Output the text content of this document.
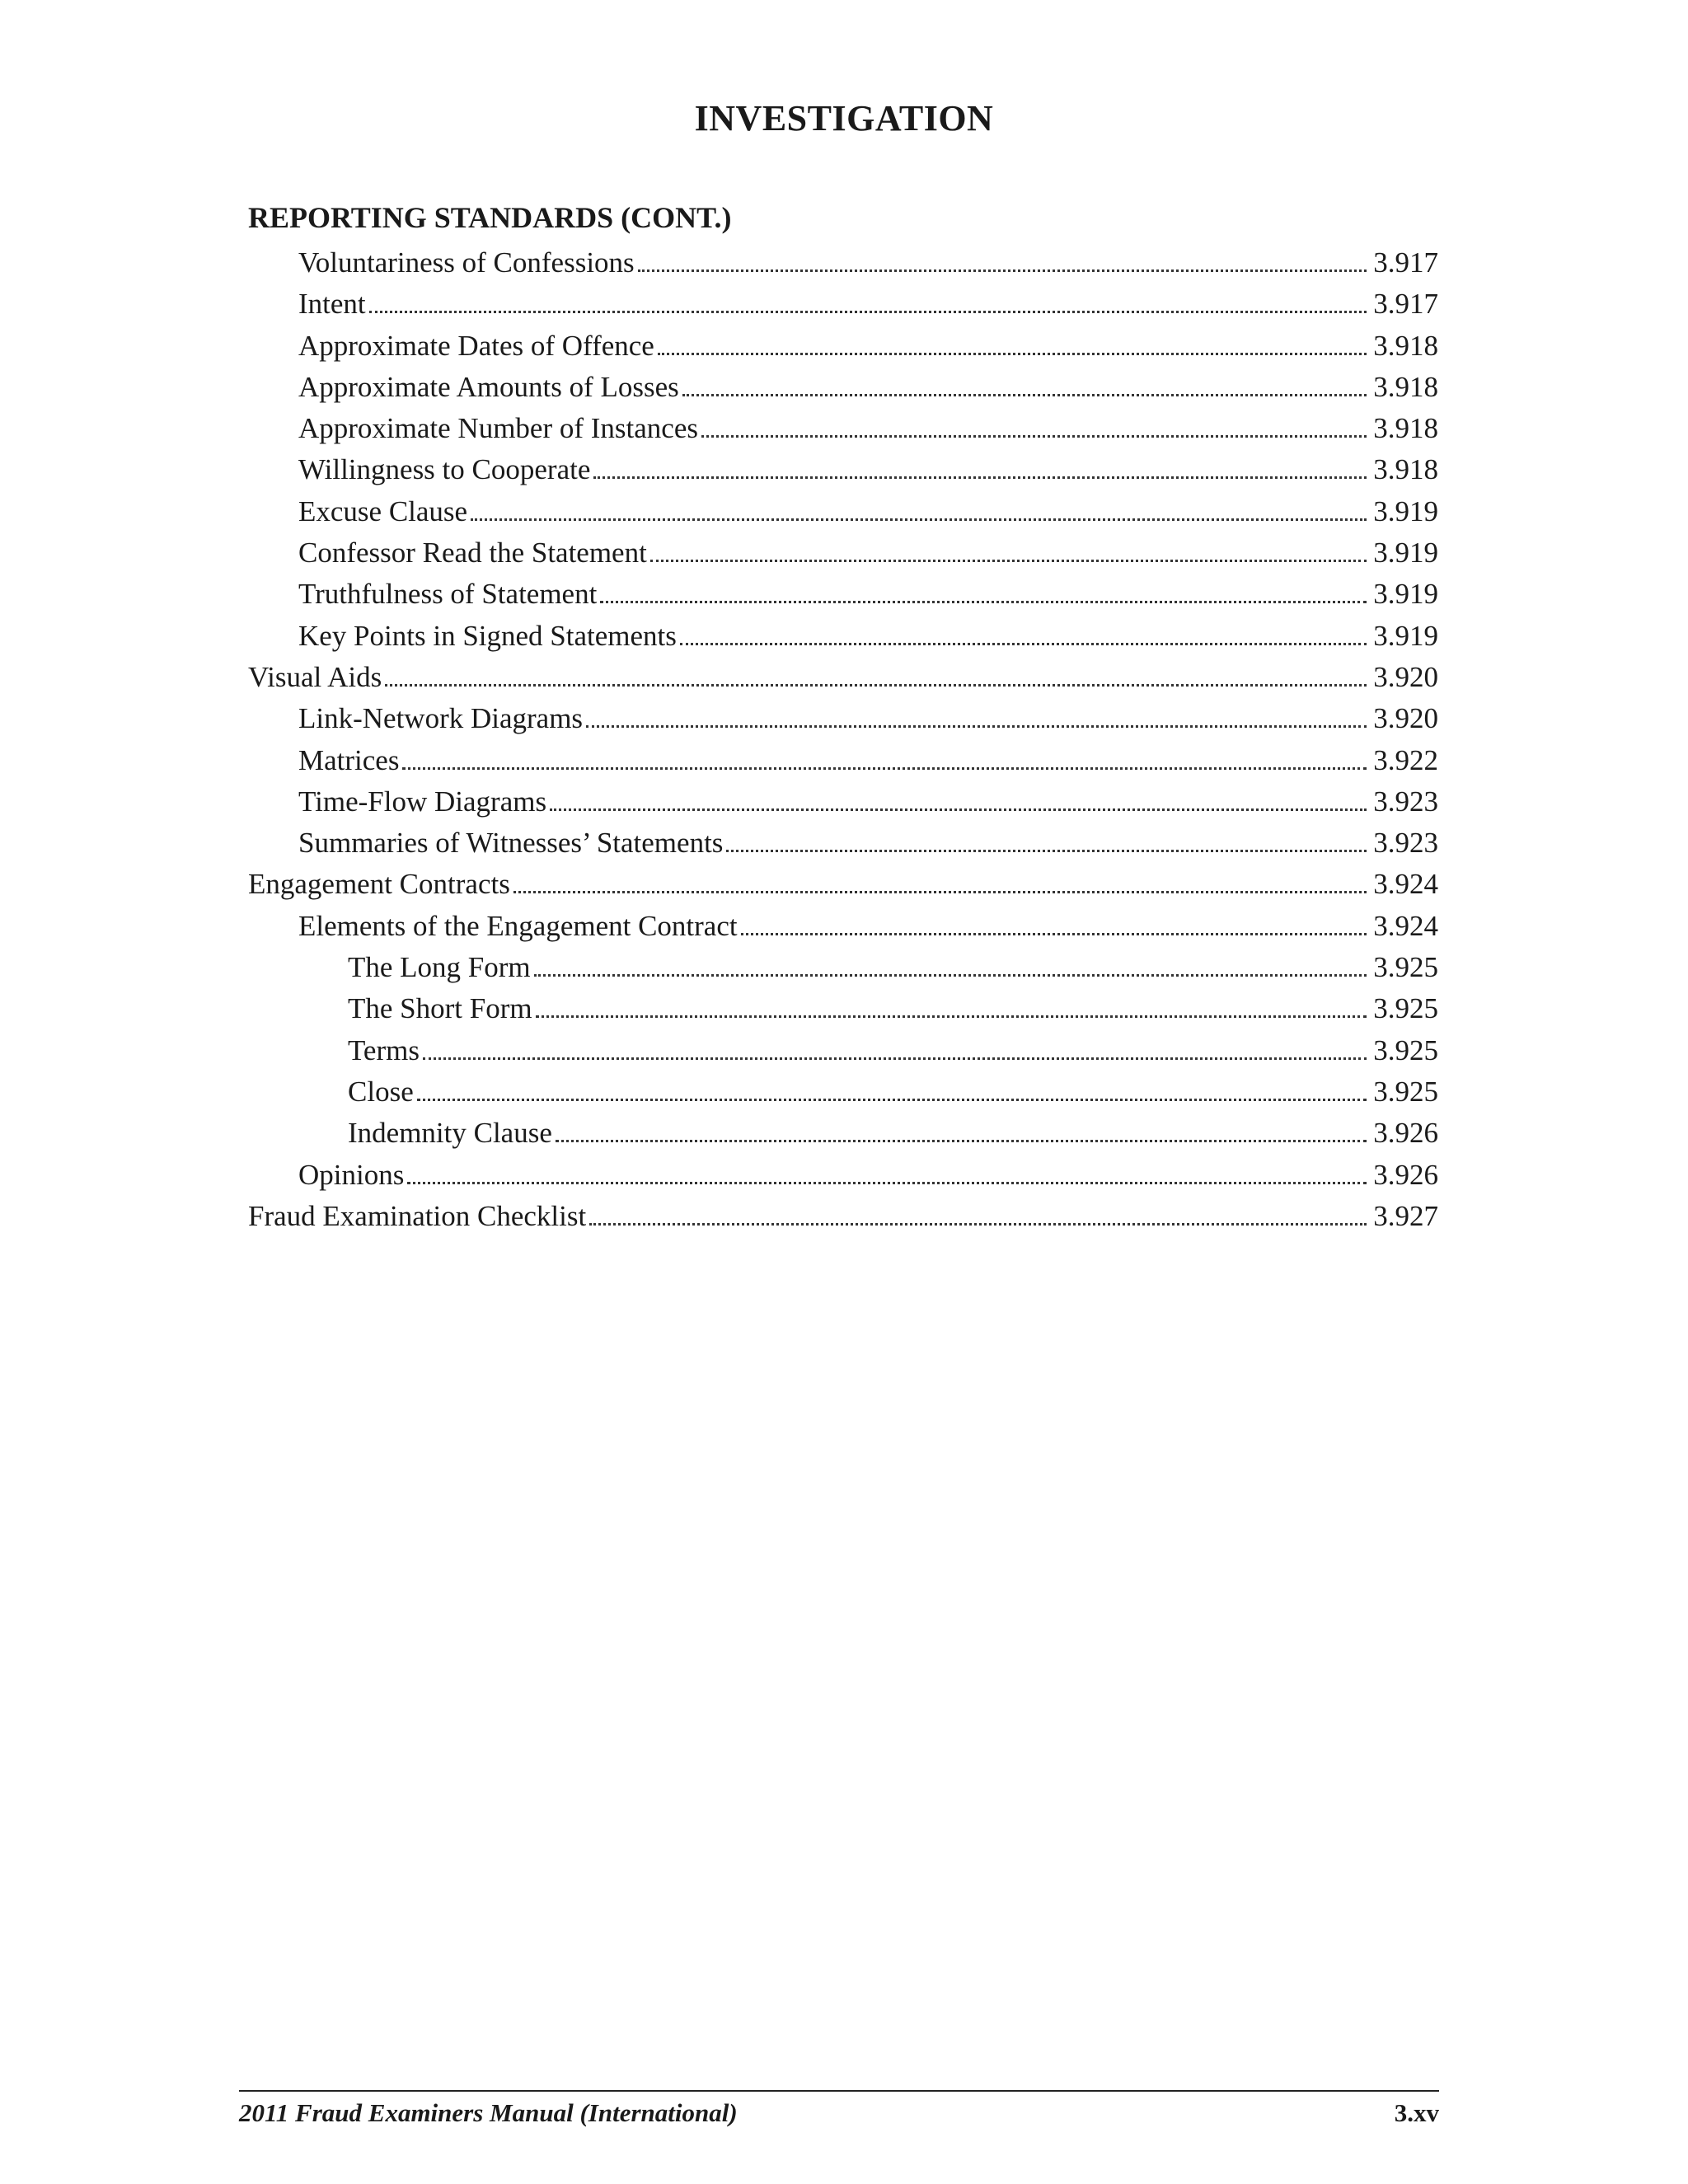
INVESTIGATION
REPORTING STANDARDS (CONT.)
Voluntariness of Confessions	3.917
Intent	3.917
Approximate Dates of Offence	3.918
Approximate Amounts of Losses	3.918
Approximate Number of Instances	3.918
Willingness to Cooperate	3.918
Excuse Clause	3.919
Confessor Read the Statement	3.919
Truthfulness of Statement	3.919
Key Points in Signed Statements	3.919
Visual Aids	3.920
Link-Network Diagrams	3.920
Matrices	3.922
Time-Flow Diagrams	3.923
Summaries of Witnesses’ Statements	3.923
Engagement Contracts	3.924
Elements of the Engagement Contract	3.924
The Long Form	3.925
The Short Form	3.925
Terms	3.925
Close	3.925
Indemnity Clause	3.926
Opinions	3.926
Fraud Examination Checklist	3.927
2011 Fraud Examiners Manual (International)	3.xv
